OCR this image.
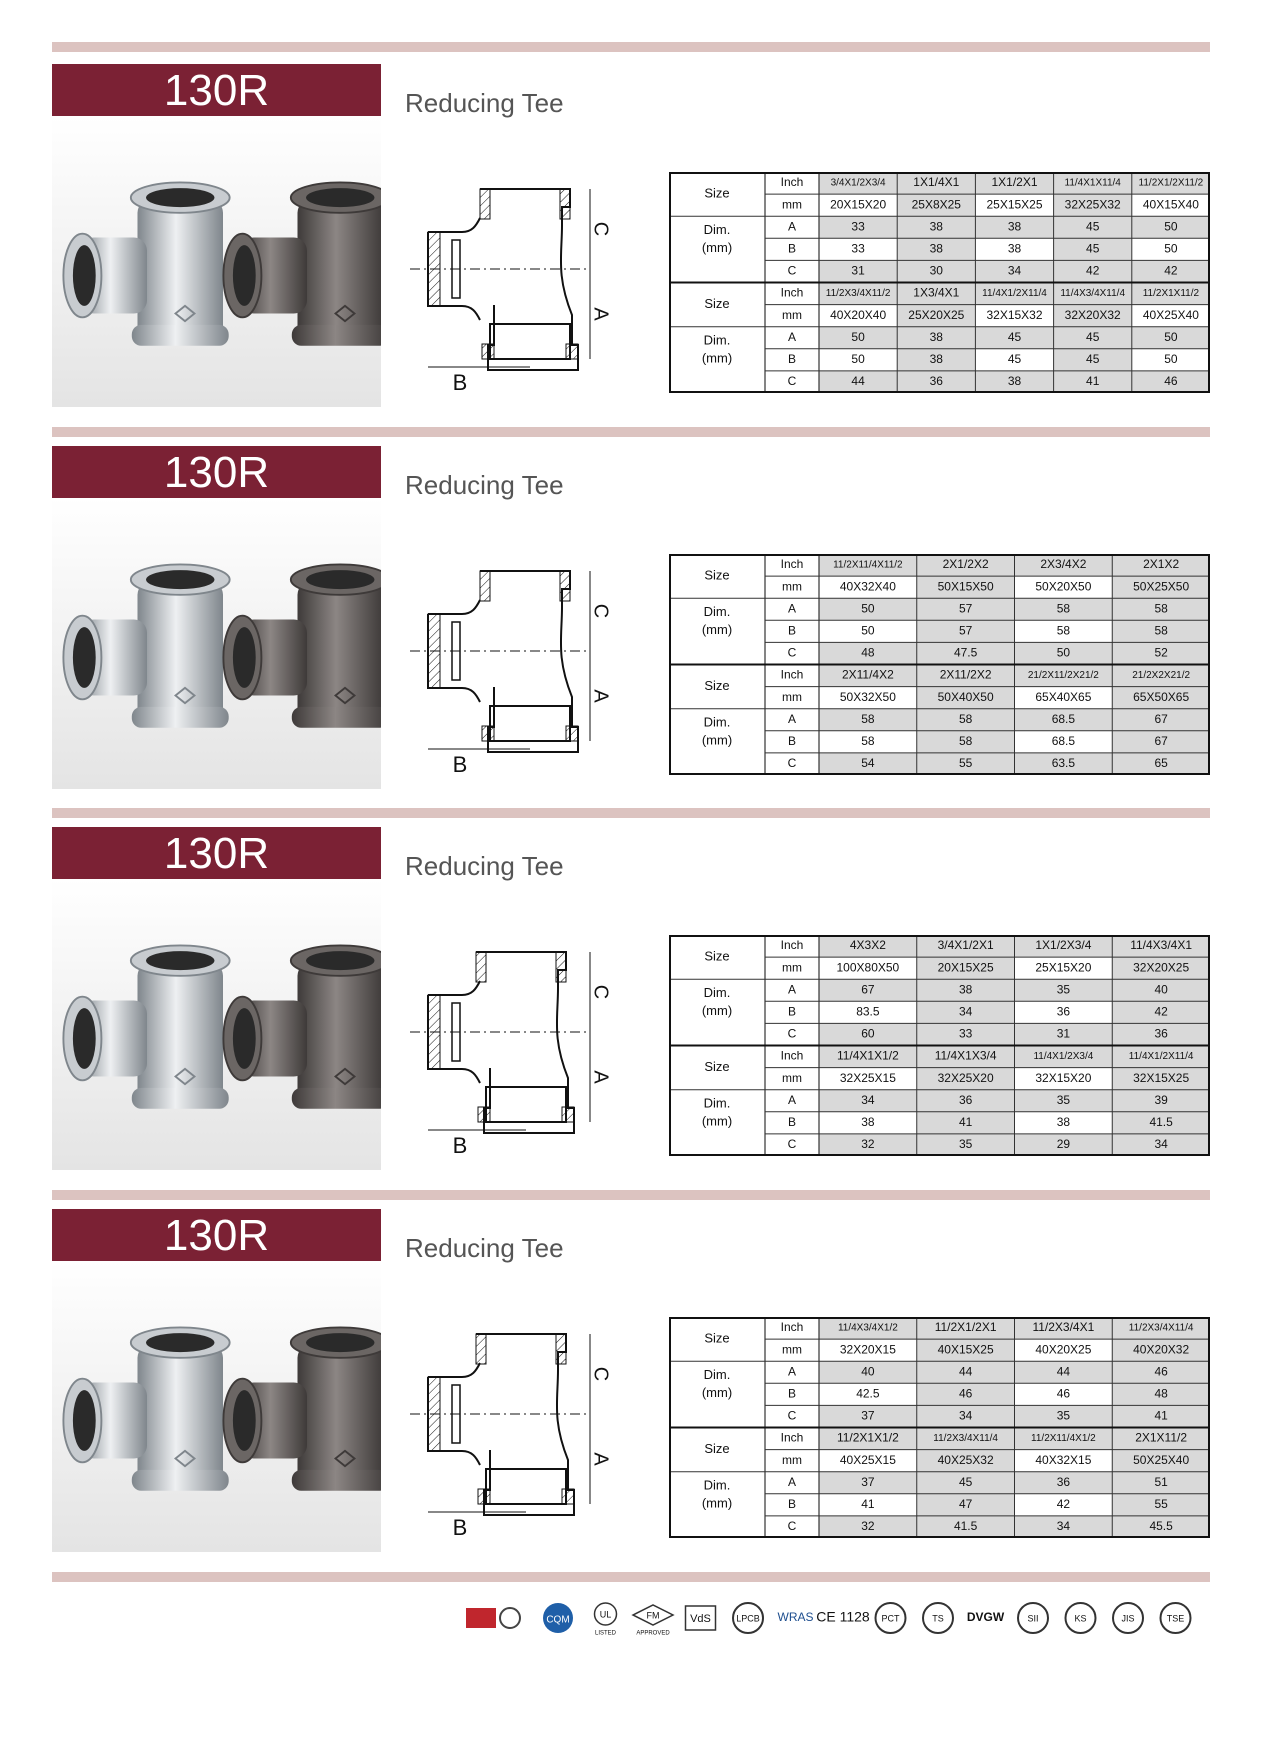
130R	Reducing Tee
C
A
B
Size
Dim.
(mm)
Inch	3/4X1/2X3/4 1X1/4X1	1X1/2X1	11/4X1X11/4 11/2X1/2X11/2
mm 20X15X20 25X8X25 25X15X25 32X25X32 40X15X40
A	33	38	38	45	50
B	33	38	38	45	50
C	31	30	34	42	42
Size
Dim.
(mm)
Inch 11/2X3/4X11/2 1X3/4X1 11/4X1/2X11/4 11/4X3/4X11/4 11/2X1X11/2
mm 40X20X40 25X20X25 32X15X32 32X20X32 40X25X40
A	50	38	45	45	50
B	50	38	45	45	50
C	44	36	38	41	46
130R	Reducing Tee
C
A
B
Size
Dim.
(mm)
Inch	11/2X11/4X11/2	2X1/2X2	2X3/4X2	2X1X2
mm	40X32X40	50X15X50	50X20X50	50X25X50
A	50	57	58	58
B	50	57	58	58
C	48	47.5	50	52
Size
Dim.
(mm)
Inch	2X11/4X2	2X11/2X2	21/2X11/2X21/2	21/2X2X21/2
mm	50X32X50	50X40X50	65X40X65	65X50X65
A	58	58	68.5	67
B	58	58	68.5	67
C	54	55	63.5	65
130R	Reducing Tee
C
A
B
Size
Dim.
(mm)
Inch	4X3X2	3/4X1/2X1	1X1/2X3/4	11/4X3/4X1
mm	100X80X50	20X15X25	25X15X20	32X20X25
A	67	38	35	40
B	83.5	34	36	42
C	60	33	31	36
Size
Dim.
(mm)
Inch	11/4X1X1/2	11/4X1X3/4	11/4X1/2X3/4	11/4X1/2X11/4
mm	32X25X15	32X25X20	32X15X20	32X15X25
A	34	36	35	39
B	38	41	38	41.5
C	32	35	29	34
130R	Reducing Tee
C
A
B
Size
Dim.
(mm)
Inch	11/4X3/4X1/2	11/2X1/2X1	11/2X3/4X1	11/2X3/4X11/4
mm	32X20X15	40X15X25	40X20X25	40X20X32
A	40	44	44	46
B	42.5	46	46	48
C	37	34	35	41
Size
Dim.
(mm)
Inch	11/2X1X1/2	11/2X3/4X11/4	11/2X11/4X1/2	2X1X11/2
mm	40X25X15	40X25X32	40X32X15	50X25X40
A	37	45	36	51
B	41	47	42	55
C	32	41.5	34	45.5
CQM
UL
LISTED
FM
APPROVED
VdS	LPCB WRAS CE 1128 PCT	TS DVGW	SII	KS	JIS	TSE
